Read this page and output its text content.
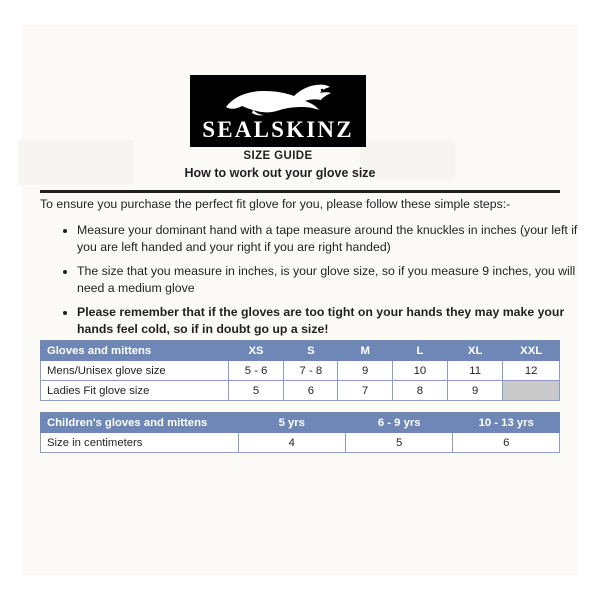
SEALSKINZ
SIZE GUIDE
How to work out your glove size
To ensure you purchase the perfect fit glove for you, please follow these simple steps:-
• Measure your dominant hand with a tape measure around the knuckles in inches (your left if you are left handed and your right if you are right handed)
• The size that you measure in inches, is your glove size, so if you measure 9 inches, you will need a medium glove
• Please remember that if the gloves are too tight on your hands they may make your hands feel cold, so if in doubt go up a size!
Gloves and mittens	XS	S	M	L	XL	XXL
Mens/Unisex glove size	5 - 6	7 - 8	9	10	11	12
Ladies Fit glove size	5	6	7	8	9	
Children's gloves and mittens	5 yrs	6 - 9 yrs	10 - 13 yrs
Size in centimeters	4	5	6
